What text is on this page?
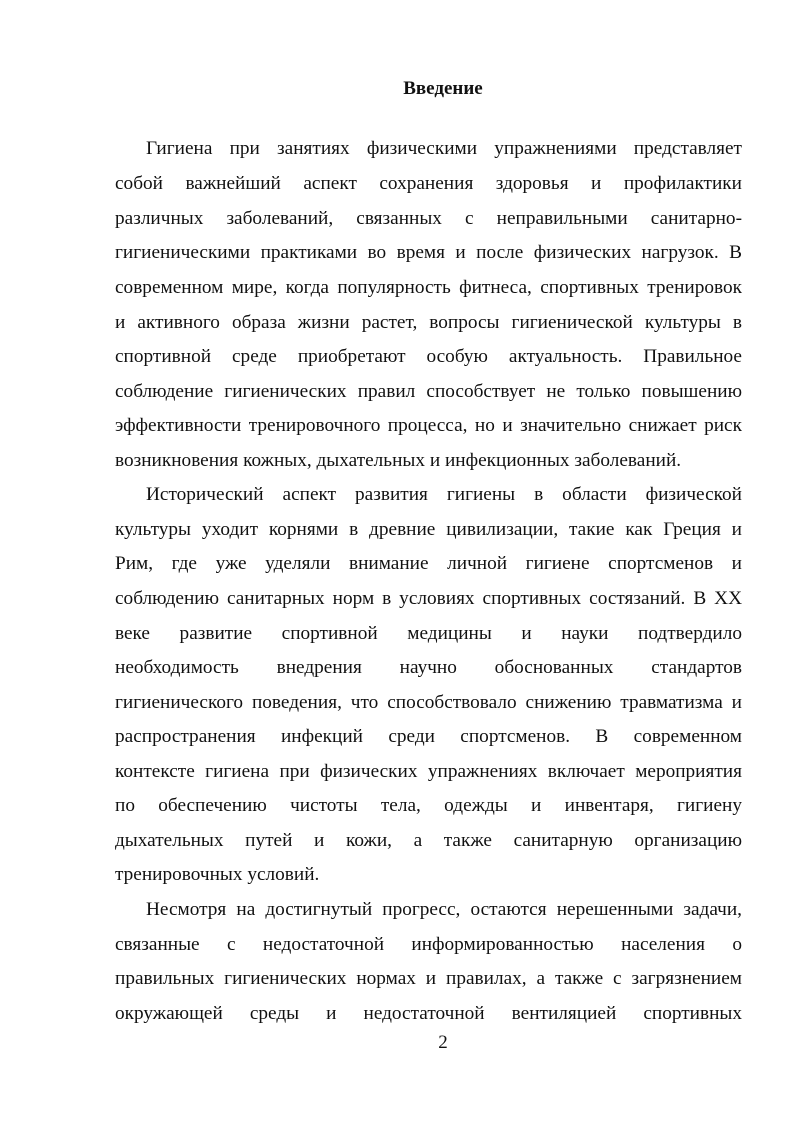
Введение
Гигиена при занятиях физическими упражнениями представляет
собой важнейший аспект сохранения здоровья и профилактики
различных заболеваний, связанных с неправильными санитарно-
гигиеническими практиками во время и после физических нагрузок. В
современном мире, когда популярность фитнеса, спортивных тренировок
и активного образа жизни растет, вопросы гигиенической культуры в
спортивной среде приобретают особую актуальность. Правильное
соблюдение гигиенических правил способствует не только повышению
эффективности тренировочного процесса, но и значительно снижает риск
возникновения кожных, дыхательных и инфекционных заболеваний.
Исторический аспект развития гигиены в области физической
культуры уходит корнями в древние цивилизации, такие как Греция и
Рим, где уже уделяли внимание личной гигиене спортсменов и
соблюдению санитарных норм в условиях спортивных состязаний. В XX
веке развитие спортивной медицины и науки подтвердило
необходимость внедрения научно обоснованных стандартов
гигиенического поведения, что способствовало снижению травматизма и
распространения инфекций среди спортсменов. В современном
контексте гигиена при физических упражнениях включает мероприятия
по обеспечению чистоты тела, одежды и инвентаря, гигиену
дыхательных путей и кожи, а также санитарную организацию
тренировочных условий.
Несмотря на достигнутый прогресс, остаются нерешенными задачи,
связанные с недостаточной информированностью населения о
правильных гигиенических нормах и правилах, а также с загрязнением
окружающей среды и недостаточной вентиляцией спортивных
2
